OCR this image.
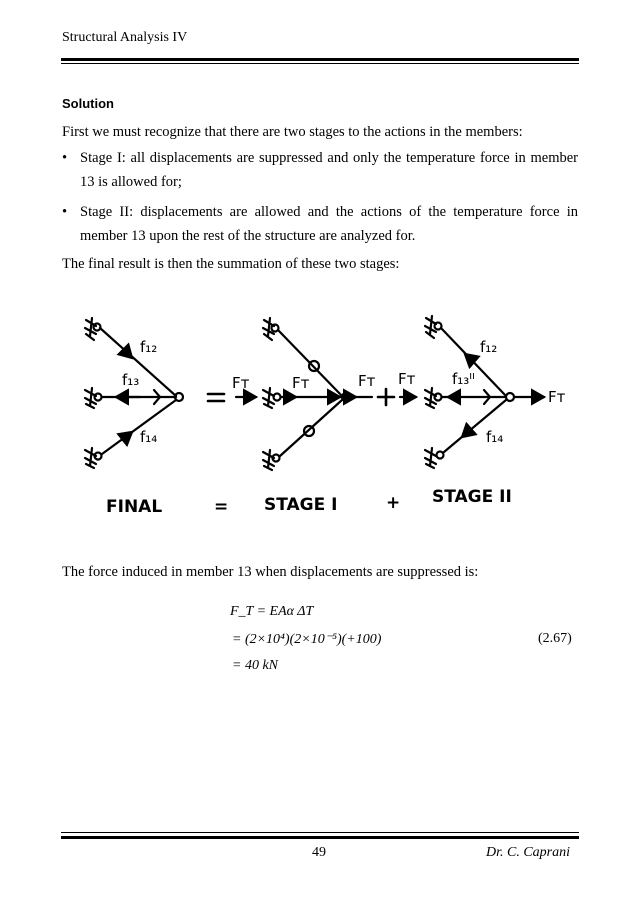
Structural Analysis IV
Solution
First we must recognize that there are two stages to the actions in the members:
• Stage I: all displacements are suppressed and only the temperature force in member 13 is allowed for;
• Stage II: displacements are allowed and the actions of the temperature force in member 13 upon the rest of the structure are analyzed for.
The final result is then the summation of these two stages:
f₁₂
f₁₃
f₁₄
Fᴛ	Fᴛ	Fᴛ Fᴛ
f₁₂
f₁₃ᴵᴵ
Fᴛ
f₁₄
FINAL	= STAGE I	+ STAGE II
The force induced in member 13 when displacements are suppressed is:
F_T = EAα ΔT
= (2×10⁴)(2×10⁻⁵)(+100)
= 40 kN
(2.67)
49	Dr. C. Caprani
